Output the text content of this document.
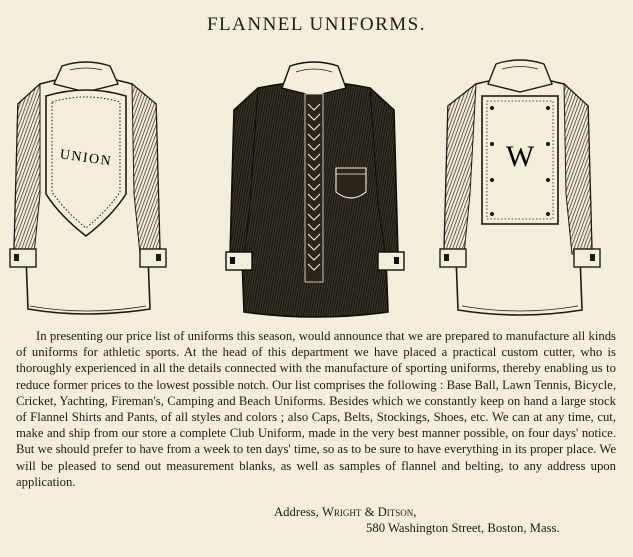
FLANNEL UNIFORMS.
UNION	W

In presenting our price list of uniforms this season, would announce that we are prepared to manufacture all kinds of uniforms for athletic sports. At the head of this department we have placed a practical custom cutter, who is thoroughly experienced in all the details connected with the manufacture of sporting uniforms, thereby enabling us to reduce former prices to the lowest possible notch. Our list comprises the following : Base Ball, Lawn Tennis, Bicycle, Cricket, Yachting, Fireman's, Camping and Beach Uniforms. Besides which we constantly keep on hand a large stock of Flannel Shirts and Pants, of all styles and colors ; also Caps, Belts, Stockings, Shoes, etc. We can at any time, cut, make and ship from our store a complete Club Uniform, made in the very best manner possible, on four days' notice. But we should prefer to have from a week to ten days' time, so as to be sure to have everything in its proper place. We will be pleased to send out measurement blanks, as well as samples of flannel and belting, to any address upon application.

Address, Wright & Ditson,
580 Washington Street, Boston, Mass.
